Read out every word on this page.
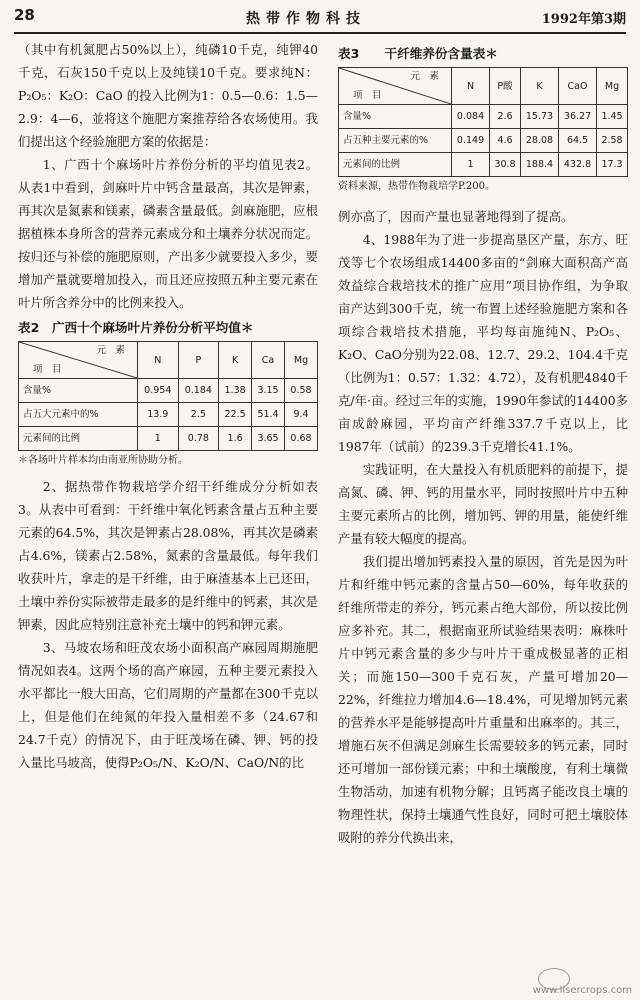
28	热带作物科技	1992年第3期

（其中有机氮肥占50%以上），纯磷10千克，纯钾40千克，石灰150千克以上及纯镁10千克。要求纯N：P₂O₅：K₂O：CaO 的投入比例为1：0.5—0.6：1.5—2.9：4—6，並将这个施肥方案推荐给各农场使用。我们提出这个经验施肥方案的依据是：

1、广西十个麻场叶片养份分析的平均值见表2。从表1中看到，剑麻叶片中钙含量最高，其次是钾素，再其次是氮素和镁素，磷素含量最低。剑麻施肥，应根据植株本身所含的营养元素成分和土壤养分状况而定。按归还与补偿的施肥原则，产出多少就要投入多少，要增加产量就要增加投入，而且还应按照五种主要元素在叶片所含养分中的比例来投入。

表2　广西十个麻场叶片养份分析平均值＊
元　素
项　目	N	P	K	Ca	Mg
含量%	0.954	0.184	1.38	3.15	0.58
占五大元素中的%	13.9	2.5	22.5	51.4	9.4
元素间的比例	1	0.78	1.6	3.65	0.68
＊各场叶片样本均由南亚所协助分析。

2、据热带作物栽培学介绍干纤维成分分析如表3。从表中可看到：干纤维中氧化钙素含量占五种主要元素的64.5%，其次是钾素占28.08%，再其次是磷素占4.6%，镁素占2.58%，氮素的含量最低。每年我们收获叶片，拿走的是干纤维，由于麻渣基本上已还田，土壤中养份实际被带走最多的是纤维中的钙素，其次是钾素，因此应特别注意补充土壤中的钙和钾元素。

3、马坡农场和旺茂农场小面积高产麻园周期施肥情况如表4。这两个场的高产麻园，五种主要元素投入水平都比一般大田高，它们周期的产量都在300千克以上，但是他们在纯氮的年投入量相差不多（24.67和24.7千克）的情况下，由于旺茂场在磷、钾、钙的投入量比马坡高，使得P₂O₅/N、K₂O/N、CaO/N的比

表3　　干纤维养份含量表＊
元　素
项　目	N	P酸	K	CaO	Mg
含量%	0.084	2.6	15.73	36.27	1.45
占五种主要元素的%	0.149	4.6	28.08	64.5	2.58
元素间的比例	1	30.8	188.4	432.8	17.3
资料来源，热带作物栽培学P.200。

例亦高了，因而产量也显著地得到了提高。

4、1988年为了进一步提高垦区产量，东方、旺茂等七个农场组成14400多亩的“剑麻大面积高产高效益综合栽培技术的推广应用”项目协作组，为争取亩产达到300千克，统一布置上述经验施肥方案和各项综合栽培技术措施，平均每亩施纯N、P₂O₅、K₂O、CaO分别为22.08、12.7、29.2、104.4千克（比例为1：0.57：1.32：4.72），及有机肥4840千克/年·亩。经过三年的实施，1990年参试的14400多亩成龄麻园，平均亩产纤维337.7千克以上，比1987年（试前）的239.3千克增长41.1%。

实践证明，在大量投入有机质肥料的前提下，提高氮、磷、钾、钙的用量水平，同时按照叶片中五种主要元素所占的比例，增加钙、钾的用量，能使纤维产量有较大幅度的提高。

我们提出增加钙素投入量的原因，首先是因为叶片和纤维中钙元素的含量占50—60%，每年收获的纤维所带走的养分，钙元素占绝大部份，所以按比例应多补充。其二，根据南亚所试验结果表明：麻株叶片中钙元素含量的多少与叶片干重成极显著的正相关；而施150—300千克石灰，产量可增加20—22%，纤维拉力增加4.6—18.4%，可见增加钙元素的营养水平是能够提高叶片重量和出麻率的。其三，增施石灰不但满足剑麻生长需要较多的钙元素，同时还可增加一部份镁元素；中和土壤酸度，有利土壤微生物活动，加速有机物分解；且钙离子能改良土壤的物理性状，保持土壤通气性良好，同时可把土壤胶体吸附的养分代换出来，

www.lisercrops.com
